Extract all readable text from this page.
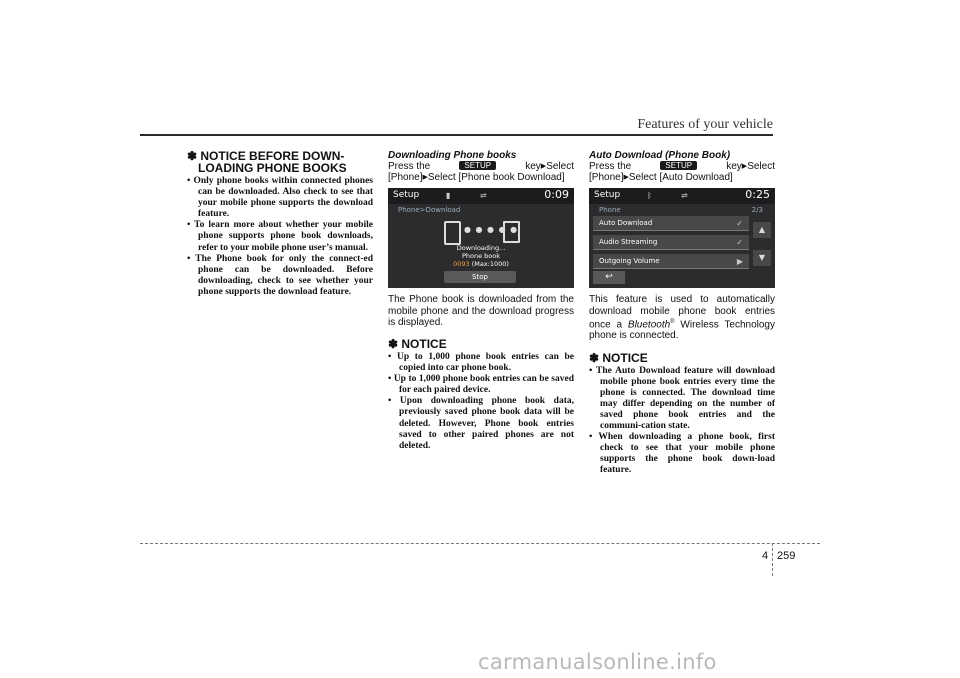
Features of your vehicle
✽ NOTICE BEFORE DOWN-
LOADING PHONE BOOKS
• Only phone books within connected phones can be downloaded. Also check to see that your mobile phone supports the download feature.
• To learn more about whether your mobile phone supports phone book downloads, refer to your mobile phone user’s manual.
• The Phone book for only the connect-ed phone can be downloaded. Before downloading, check to see whether your phone supports the download feature.

Downloading Phone books

Press the	SETUP	key▶Select

[Phone]▶Select [Phone book Download]

Setup	▮	⇌	0:09
Phone>Download
● ● ● ● ●
Downloading...
Phone book
0093 (Max:1000)
Stop

The Phone book is downloaded from the mobile phone and the download progress is displayed.

✽ NOTICE
• Up to 1,000 phone book entries can be copied into car phone book.
• Up to 1,000 phone book entries can be saved for each paired device.
• Upon downloading phone book data, previously saved phone book data will be deleted. However, Phone book entries saved to other paired phones are not deleted.

Auto Download (Phone Book)

Press the	SETUP	key▶Select

[Phone]▶Select [Auto Download]

Setup	ᛒ	⇌	0:25
Phone	2/3
Auto Download	✓
Audio Streaming	✓
Outgoing Volume	▶
▲
▼
↩

This feature is used to automatically download mobile phone book entries once a Bluetooth® Wireless Technology phone is connected.

✽ NOTICE
• The Auto Download feature will download mobile phone book entries every time the phone is connected. The download time may differ depending on the number of saved phone book entries and the communi-cation state.
• When downloading a phone book, first check to see that your mobile phone supports the phone book down-load feature.
4 259
carmanualsonline.info
